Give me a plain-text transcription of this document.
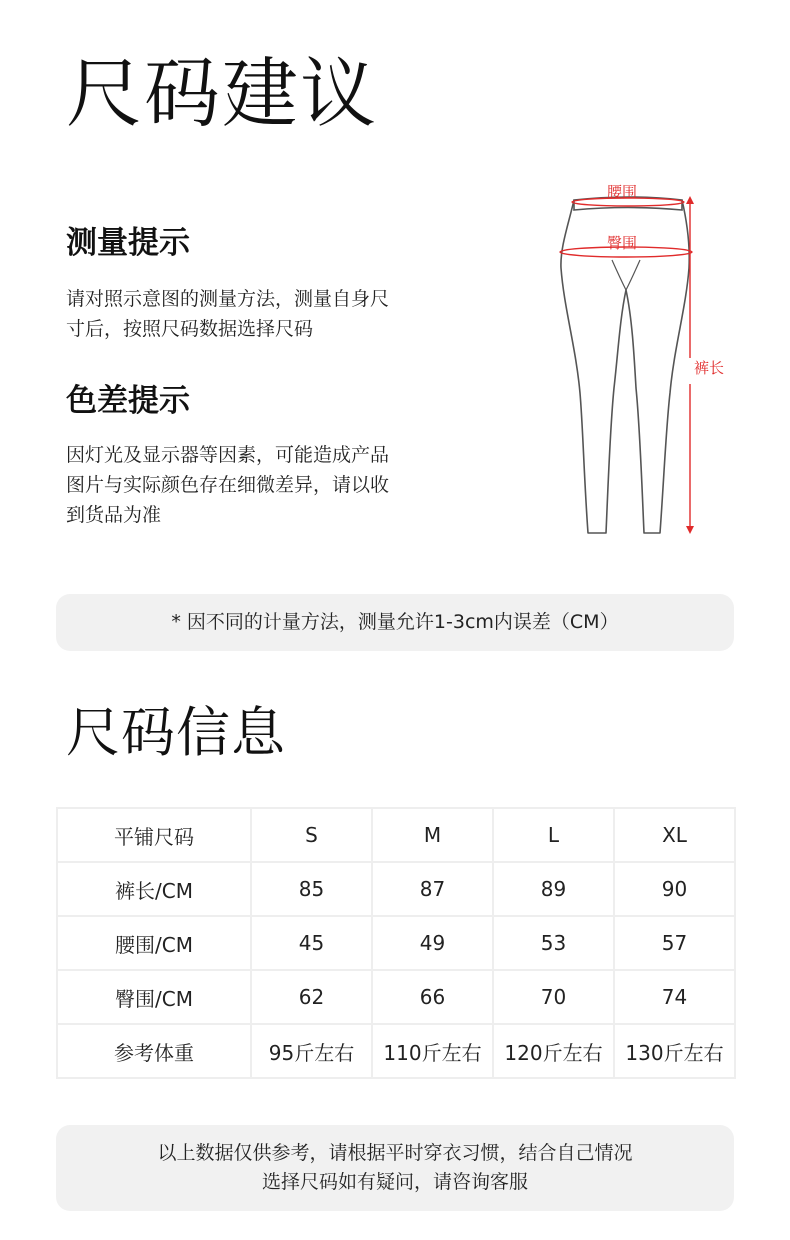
尺码建议
测量提示
请对照示意图的测量方法，测量自身尺
寸后，按照尺码数据选择尺码
色差提示
因灯光及显示器等因素，可能造成产品
图片与实际颜色存在细微差异，请以收
到货品为准
腰围
臀围
裤长
* 因不同的计量方法，测量允许1-3cm内误差（CM）
尺码信息
平铺尺码	S	M	L	XL
裤长/CM	85	87	89	90
腰围/CM	45	49	53	57
臀围/CM	62	66	70	74
参考体重	95斤左右	110斤左右	120斤左右	130斤左右
以上数据仅供参考，请根据平时穿衣习惯，结合自己情况
选择尺码如有疑问，请咨询客服
